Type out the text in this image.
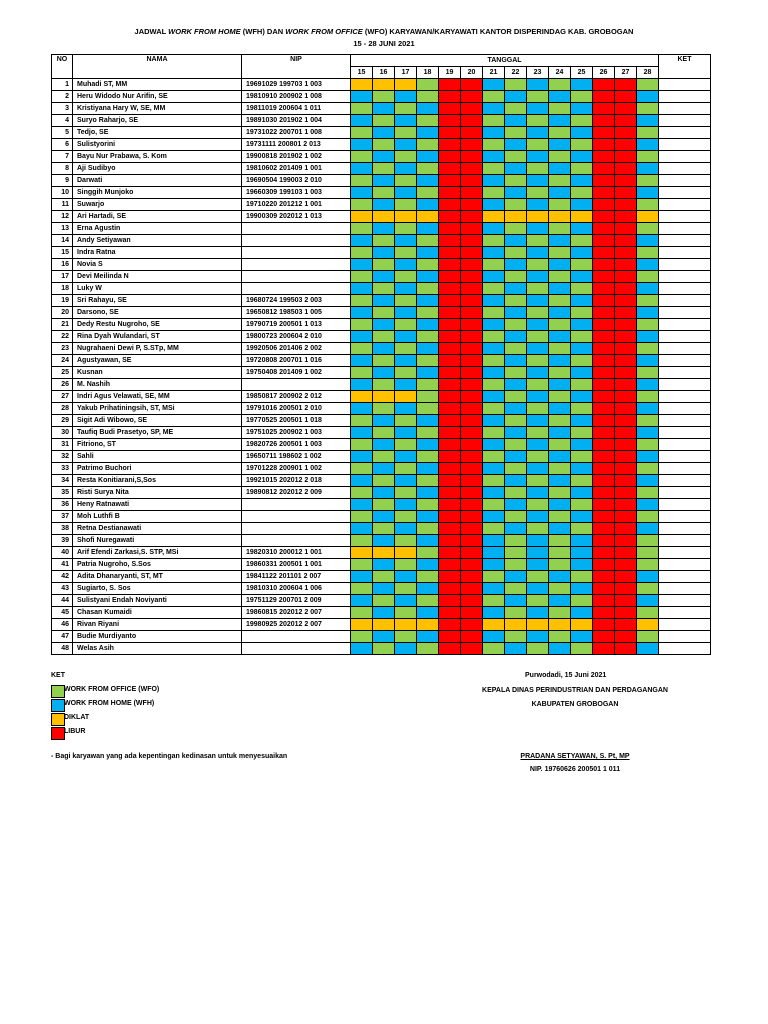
JADWAL WORK FROM HOME (WFH) DAN WORK FROM OFFICE (WFO) KARYAWAN/KARYAWATI KANTOR DISPERINDAG KAB. GROBOGAN
15 - 28 JUNI 2021
NO	NAMA	NIP	TANGGAL														KET
			15	16	17	18	19	20	21	22	23	24	25	26	27	28	
1	Muhadi ST, MM	19691029 199703 1 003															
2	Heru Widodo Nur Arifin, SE	19810910 200902 1 008															
3	Kristiyana Hary W, SE, MM	19811019 200604 1 011															
4	Suryo Raharjo, SE	19891030 201902 1 004															
5	Tedjo, SE	19731022 200701 1 008															
6	Sulistyorini	19731111 200801 2 013															
7	Bayu Nur Prabawa, S. Kom	19900818 201902 1 002															
8	Aji Sudibyo	19810602 201409 1 001															
9	Darwati	19690504 199003 2 010															
10	Singgih Munjoko	19660309 199103 1 003															
11	Suwarjo	19710220 201212 1 001															
12	Ari Hartadi, SE	19900309 202012 1 013															
13	Erna Agustin																
14	Andy Setiyawan																
15	Indra Ratna																
16	Novia S																
17	Devi Meilinda N																
18	Luky W																
19	Sri Rahayu, SE	19680724 199503 2 003															
20	Darsono, SE	19650812 198503 1 005															
21	Dedy Restu Nugroho, SE	19790719 200501 1 013															
22	Rina Dyah Wulandari, ST	19800723 200604 2 010															
23	Nugrahaeni Dewi P, S.STp, MM	19920506 201406 2 002															
24	Agustyawan, SE	19720808 200701 1 016															
25	Kusnan	19750408 201409 1 002															
26	M. Nashih																
27	Indri Agus Velawati, SE, MM	19850817 200902 2 012															
28	Yakub Prihatiningsih, ST, MSi	19791016 200501 2 010															
29	Sigit Adi Wibowo, SE	19770525 200501 1 018															
30	Taufiq Budi Prasetyo, SP, ME	19751025 200902 1 003															
31	Fitriono, ST	19820726 200501 1 003															
32	Sahli	19650711 198602 1 002															
33	Patrimo Buchori	19701228 200901 1 002															
34	Resta Konitiarani,S,Sos	19921015 202012 2 018															
35	Risti Surya Nita	19890812 202012 2 009															
36	Heny Ratnawati																
37	Moh Luthfi B																
38	Retna Destianawati																
39	Shofi Nuregawati																
40	Arif Efendi Zarkasi,S. STP, MSi	19820310 200012 1 001															
41	Patria Nugroho, S.Sos	19860331 200501 1 001															
42	Adita Dhanaryanti, ST, MT	19841122 201101 2 007															
43	Sugiarto, S. Sos	19810310 200604 1 006															
44	Sulistyani Endah Noviyanti	19751129 200701 2 009															
45	Chasan Kumaidi	19860815 202012 2 007															
46	Rivan Riyani	19980925 202012 2 007															
47	Budie Murdiyanto																
48	Welas Asih																
KET
WORK FROM OFFICE (WFO)
WORK FROM HOME (WFH)
DIKLAT
LIBUR
- Bagi karyawan yang ada kepentingan kedinasan untuk menyesuaikan
Purwodadi, 15 Juni 2021
KEPALA DINAS PERINDUSTRIAN DAN PERDAGANGAN
KABUPATEN GROBOGAN
PRADANA SETYAWAN, S. Pt, MP
NIP. 19760626 200501 1 011
